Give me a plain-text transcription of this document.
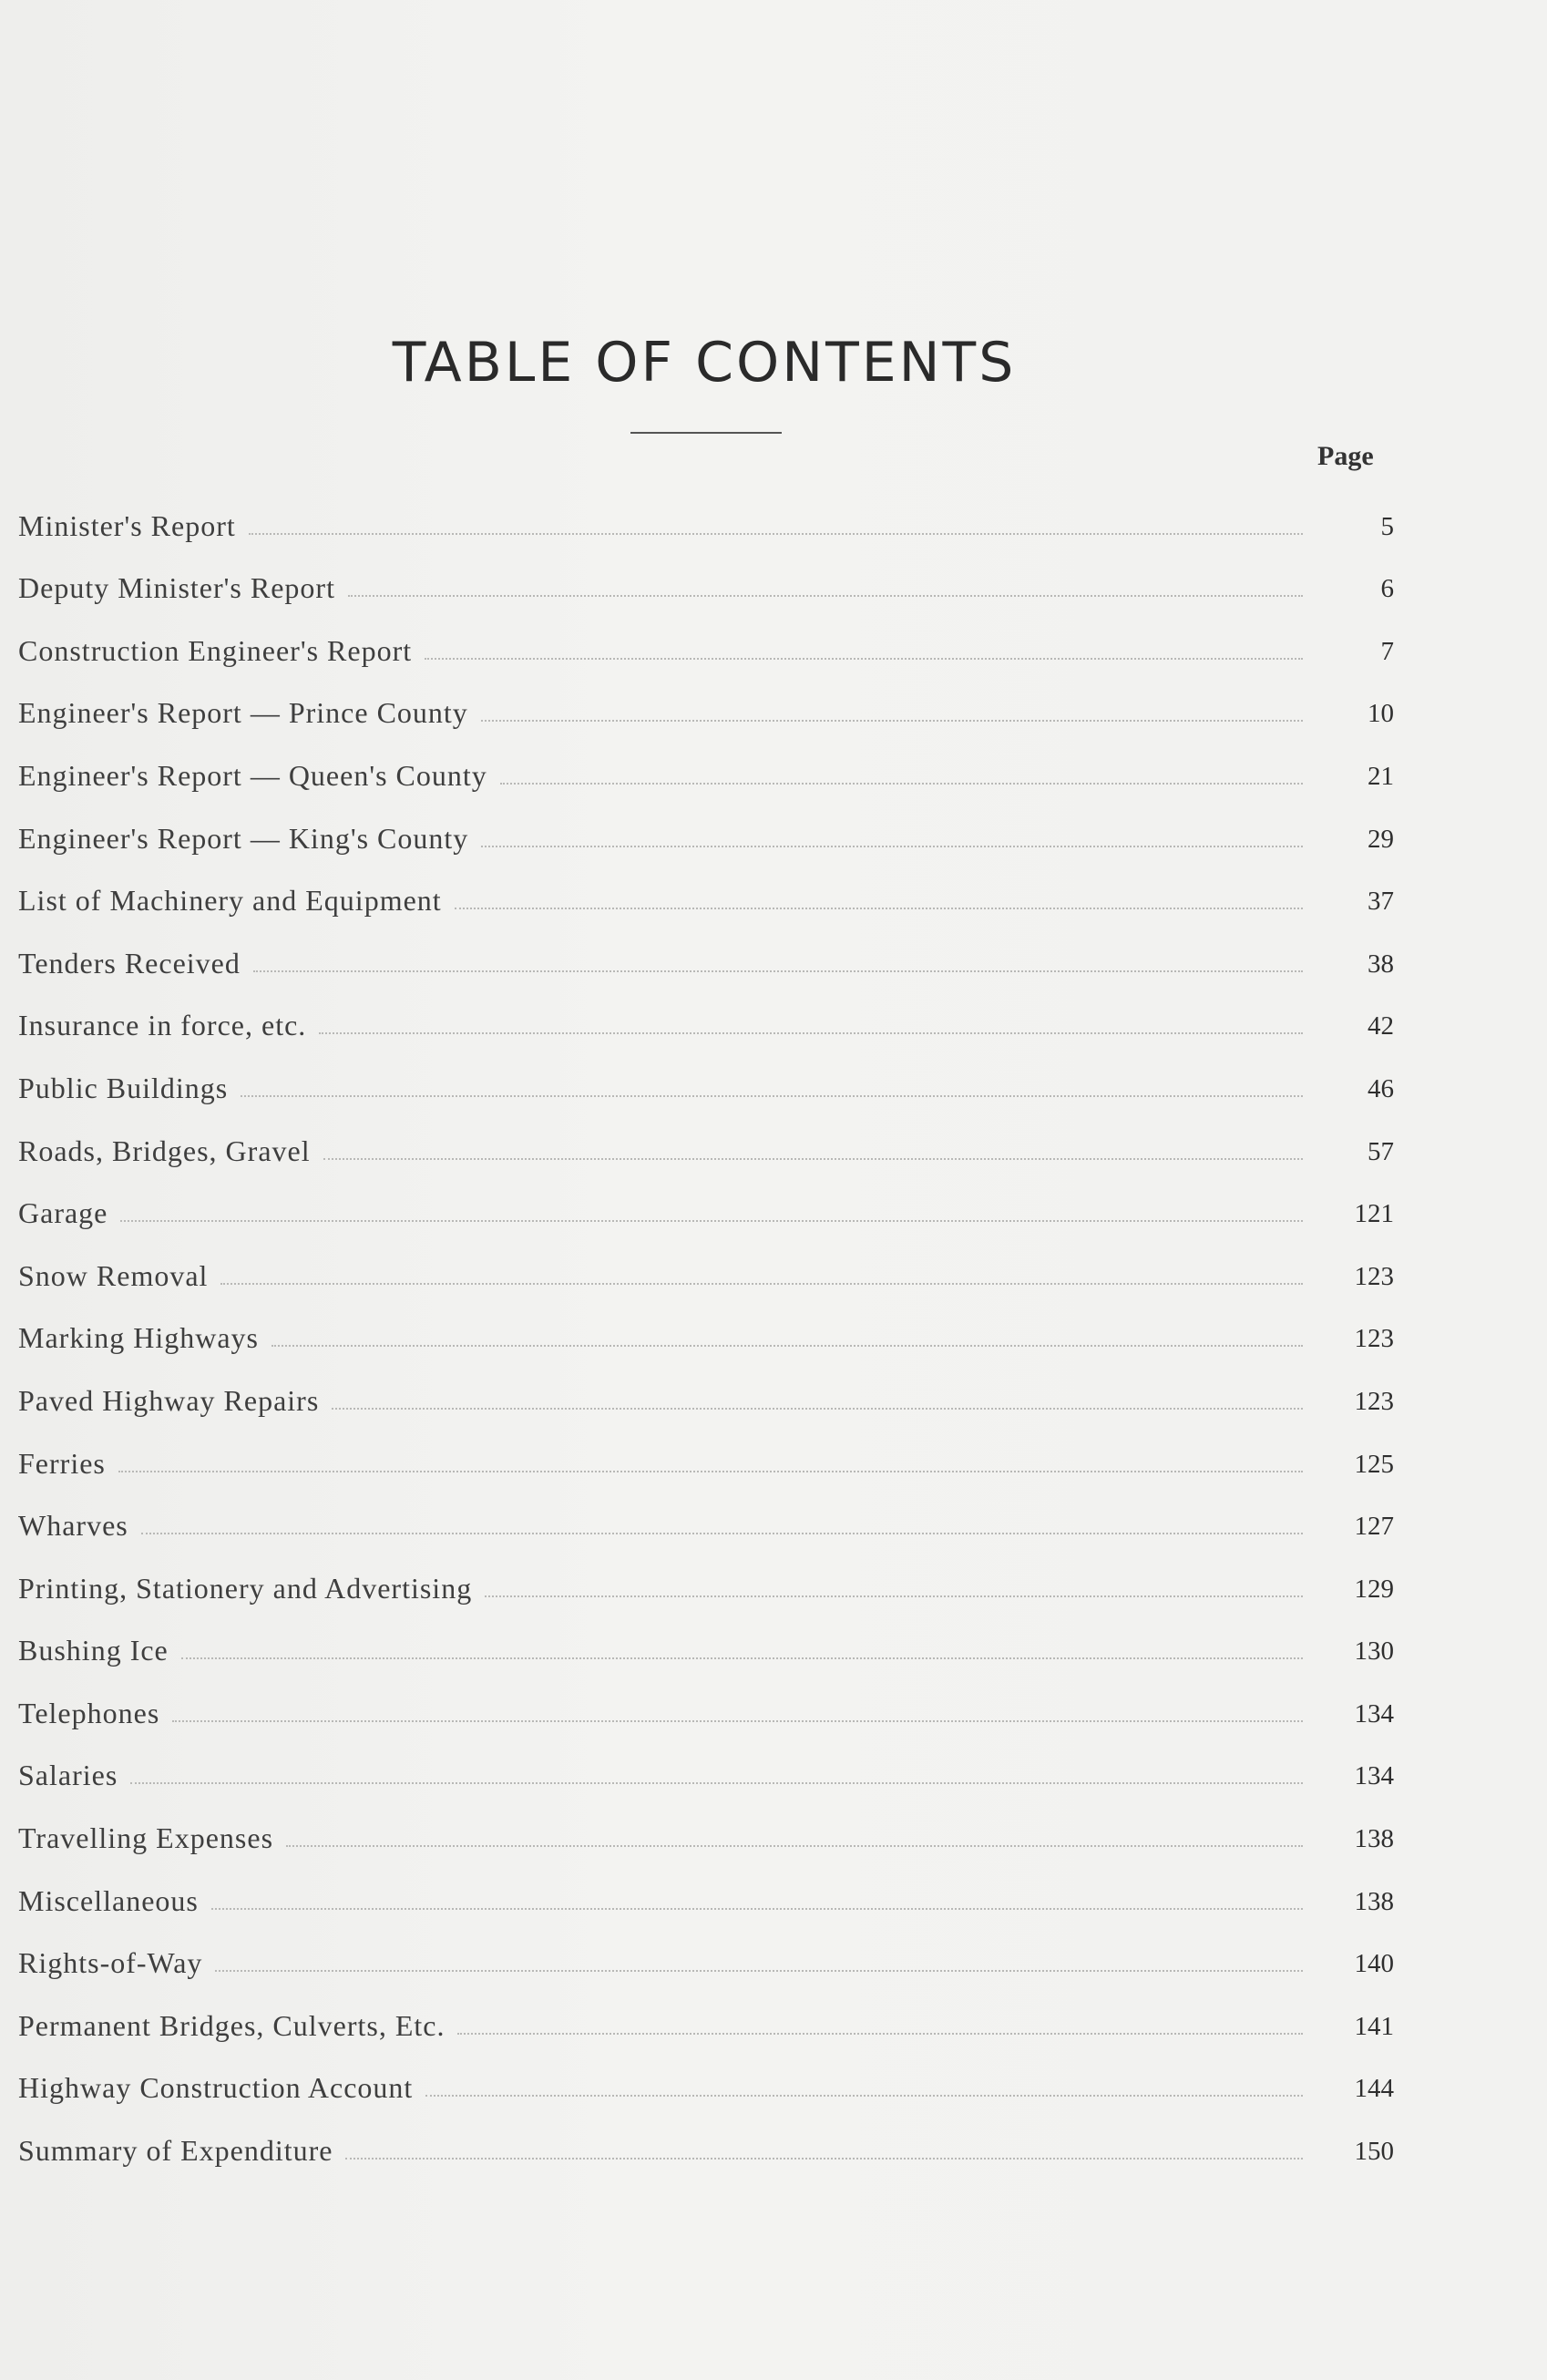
TABLE OF CONTENTS
Page
Minister's Report	5
Deputy Minister's Report	6
Construction Engineer's Report	7
Engineer's Report — Prince County	10
Engineer's Report — Queen's County	21
Engineer's Report — King's County	29
List of Machinery and Equipment	37
Tenders Received	38
Insurance in force, etc.	42
Public Buildings	46
Roads, Bridges, Gravel	57
Garage	121
Snow Removal	123
Marking Highways	123
Paved Highway Repairs	123
Ferries	125
Wharves	127
Printing, Stationery and Advertising	129
Bushing Ice	130
Telephones	134
Salaries	134
Travelling Expenses	138
Miscellaneous	138
Rights-of-Way	140
Permanent Bridges, Culverts, Etc.	141
Highway Construction Account	144
Summary of Expenditure	150
